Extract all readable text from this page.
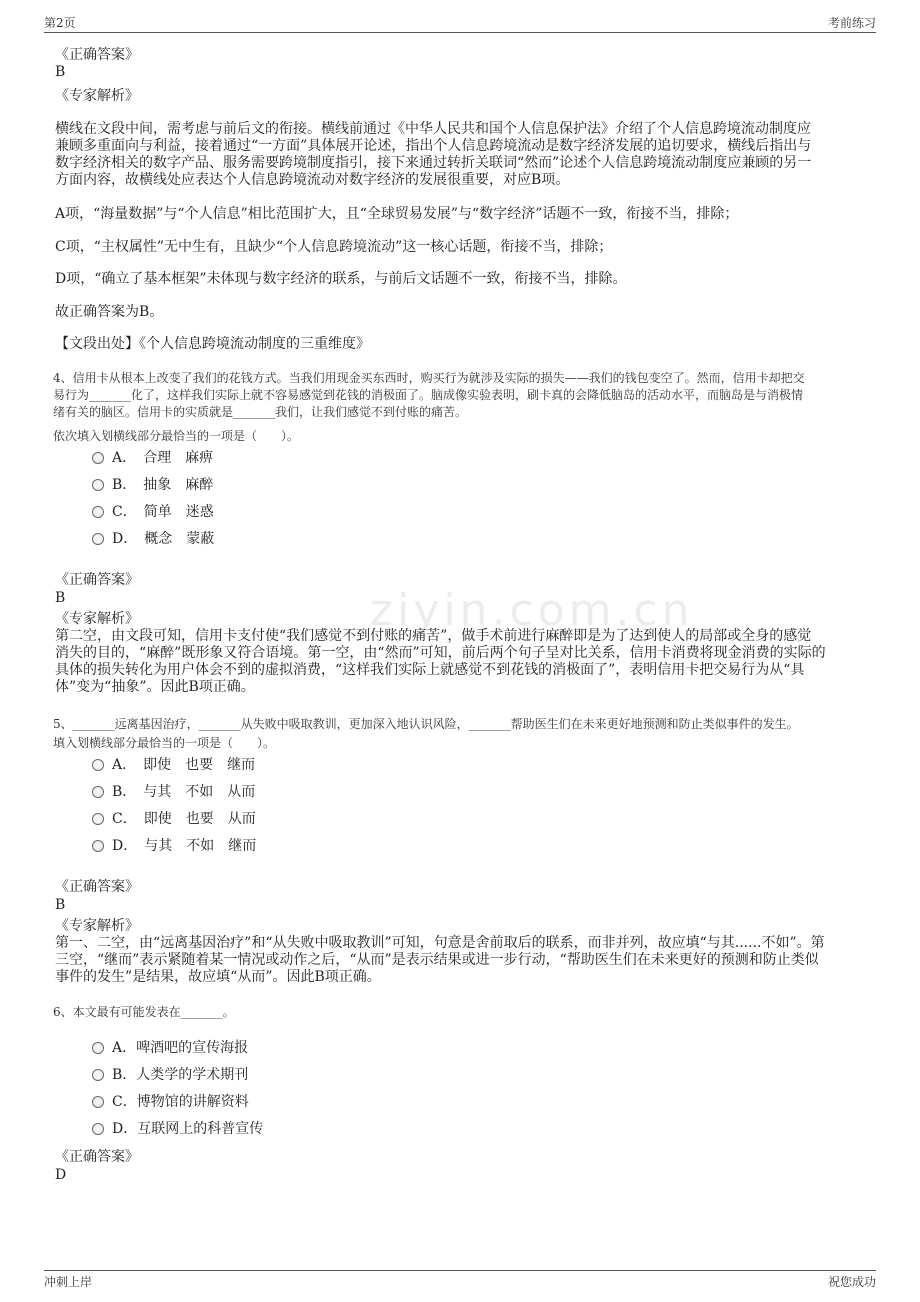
第2页	考前练习
ziyin.com.cn
《正确答案》
B
《专家解析》
横线在文段中间，需考虑与前后文的衔接。横线前通过《中华人民共和国个人信息保护法》介绍了个人信息跨境流动制度应
兼顾多重面向与利益，接着通过“一方面”具体展开论述，指出个人信息跨境流动是数字经济发展的追切要求，横线后指出与
数字经济相关的数字产品、服务需要跨境制度指引，接下来通过转折关联词“然而”论述个人信息跨境流动制度应兼顾的另一
方面内容，故横线处应表达个人信息跨境流动对数字经济的发展很重要，对应B项。
A项，“海量数据”与“个人信息”相比范围扩大，且“全球贸易发展”与“数字经济”话题不一致，衔接不当，排除；
C项，“主权属性”无中生有，且缺少“个人信息跨境流动”这一核心话题，衔接不当，排除；
D项，“确立了基本框架”未体现与数字经济的联系，与前后文话题不一致，衔接不当，排除。
故正确答案为B。
【文段出处】《个人信息跨境流动制度的三重维度》
4、信用卡从根本上改变了我们的花钱方式。当我们用现金买东西时，购买行为就涉及实际的损失——我们的钱包变空了。然而，信用卡却把交
易行为_______化了，这样我们实际上就不容易感觉到花钱的消极面了。脑成像实验表明，刷卡真的会降低脑岛的活动水平，而脑岛是与消极情
绪有关的脑区。信用卡的实质就是_______我们，让我们感觉不到付账的痛苦。
依次填入划横线部分最恰当的一项是（　　）。
A．　合理　麻痹
B．　抽象　麻醉
C．　简单　迷惑
D．　概念　蒙蔽
《正确答案》
B
《专家解析》
第二空，由文段可知，信用卡支付使“我们感觉不到付账的痛苦”，做手术前进行麻醉即是为了达到使人的局部或全身的感觉
消失的目的，“麻醉”既形象又符合语境。第一空，由“然而”可知，前后两个句子呈对比关系，信用卡消费将现金消费的实际的
具体的损失转化为用户体会不到的虚拟消费，“这样我们实际上就感觉不到花钱的消极面了”，表明信用卡把交易行为从“具
体”变为“抽象”。因此B项正确。
5、_______远离基因治疗，_______从失败中吸取教训，更加深入地认识风险，_______帮助医生们在未来更好地预测和防止类似事件的发生。
填入划横线部分最恰当的一项是（　　）。
A．　即使　也要　继而
B．　与其　不如　从而
C．　即使　也要　从而
D．　与其　不如　继而
《正确答案》
B
《专家解析》
第一、二空，由“远离基因治疗”和“从失败中吸取教训”可知，句意是舍前取后的联系，而非并列，故应填“与其......不如”。第
三空，“继而”表示紧随着某一情况或动作之后，“从而”是表示结果或进一步行动，“帮助医生们在未来更好的预测和防止类似
事件的发生”是结果，故应填“从而”。因此B项正确。
6、本文最有可能发表在_______。
A．啤酒吧的宣传海报
B．人类学的学术期刊
C．博物馆的讲解资料
D．互联网上的科普宣传
《正确答案》
D
冲刺上岸	祝您成功
